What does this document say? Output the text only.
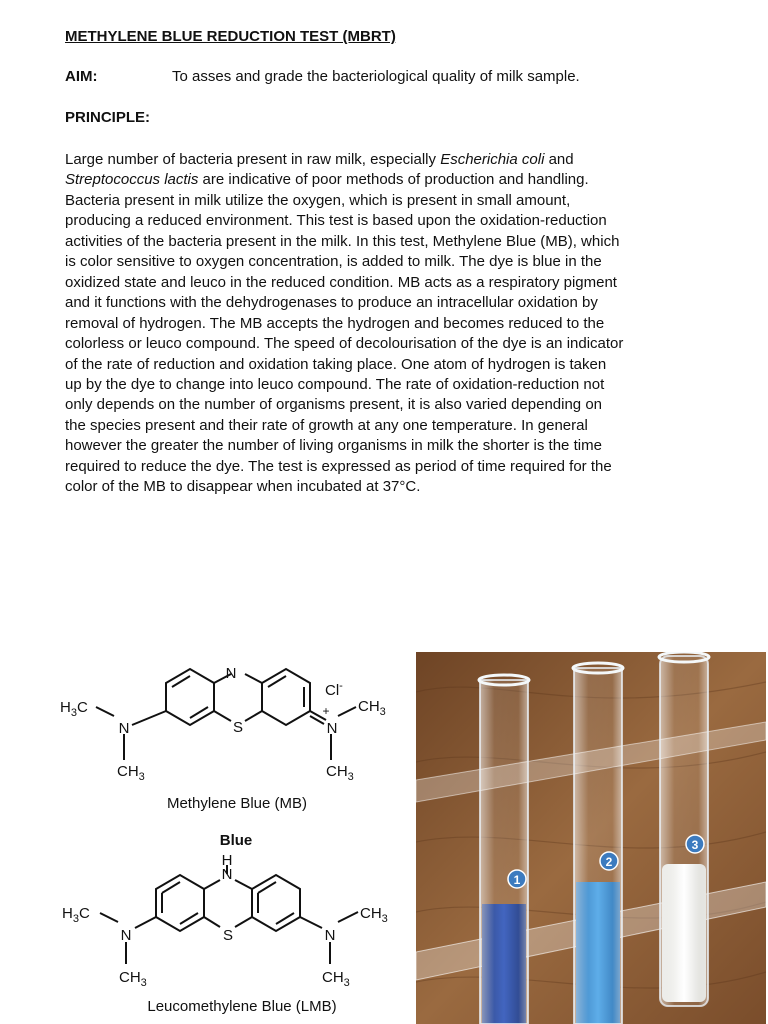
METHYLENE BLUE REDUCTION TEST (MBRT)
AIM:	To asses and grade the bacteriological quality of milk sample.
PRINCIPLE:

Large number of bacteria present in raw milk, especially Escherichia coli and
Streptococcus lactis are indicative of poor methods of production and handling.
Bacteria present in milk utilize the oxygen, which is present in small amount,
producing a reduced environment. This test is based upon the oxidation-reduction
activities of the bacteria present in the milk. In this test, Methylene Blue (MB), which
is color sensitive to oxygen concentration, is added to milk. The dye is blue in the
oxidized state and leuco in the reduced condition. MB acts as a respiratory pigment
and it functions with the dehydrogenases to produce an intracellular oxidation by
removal of hydrogen. The MB accepts the hydrogen and becomes reduced to the
colorless or leuco compound. The speed of decolourisation of the dye is an indicator
of the rate of reduction and oxidation taking place. One atom of hydrogen is taken
up by the dye to change into leuco compound. The rate of oxidation-reduction not
only depends on the number of organisms present, it is also varied depending on
the species present and their rate of growth at any one temperature. In general
however the greater the number of living organisms in milk the shorter is the time
required to reduce the dye. The test is expressed as period of time required for the
color of the MB to disappear when incubated at 37°C.

N
S
N	N
+
Cl-
$H_3C$	$CH_3$
$CH_3$	$CH_3$
Methylene Blue (MB)
Blue
H
N
S
N	N
$H_3C$	$CH_3$
$CH_3$	$CH_3$
Leucomethylene Blue (LMB)
1
2
3
